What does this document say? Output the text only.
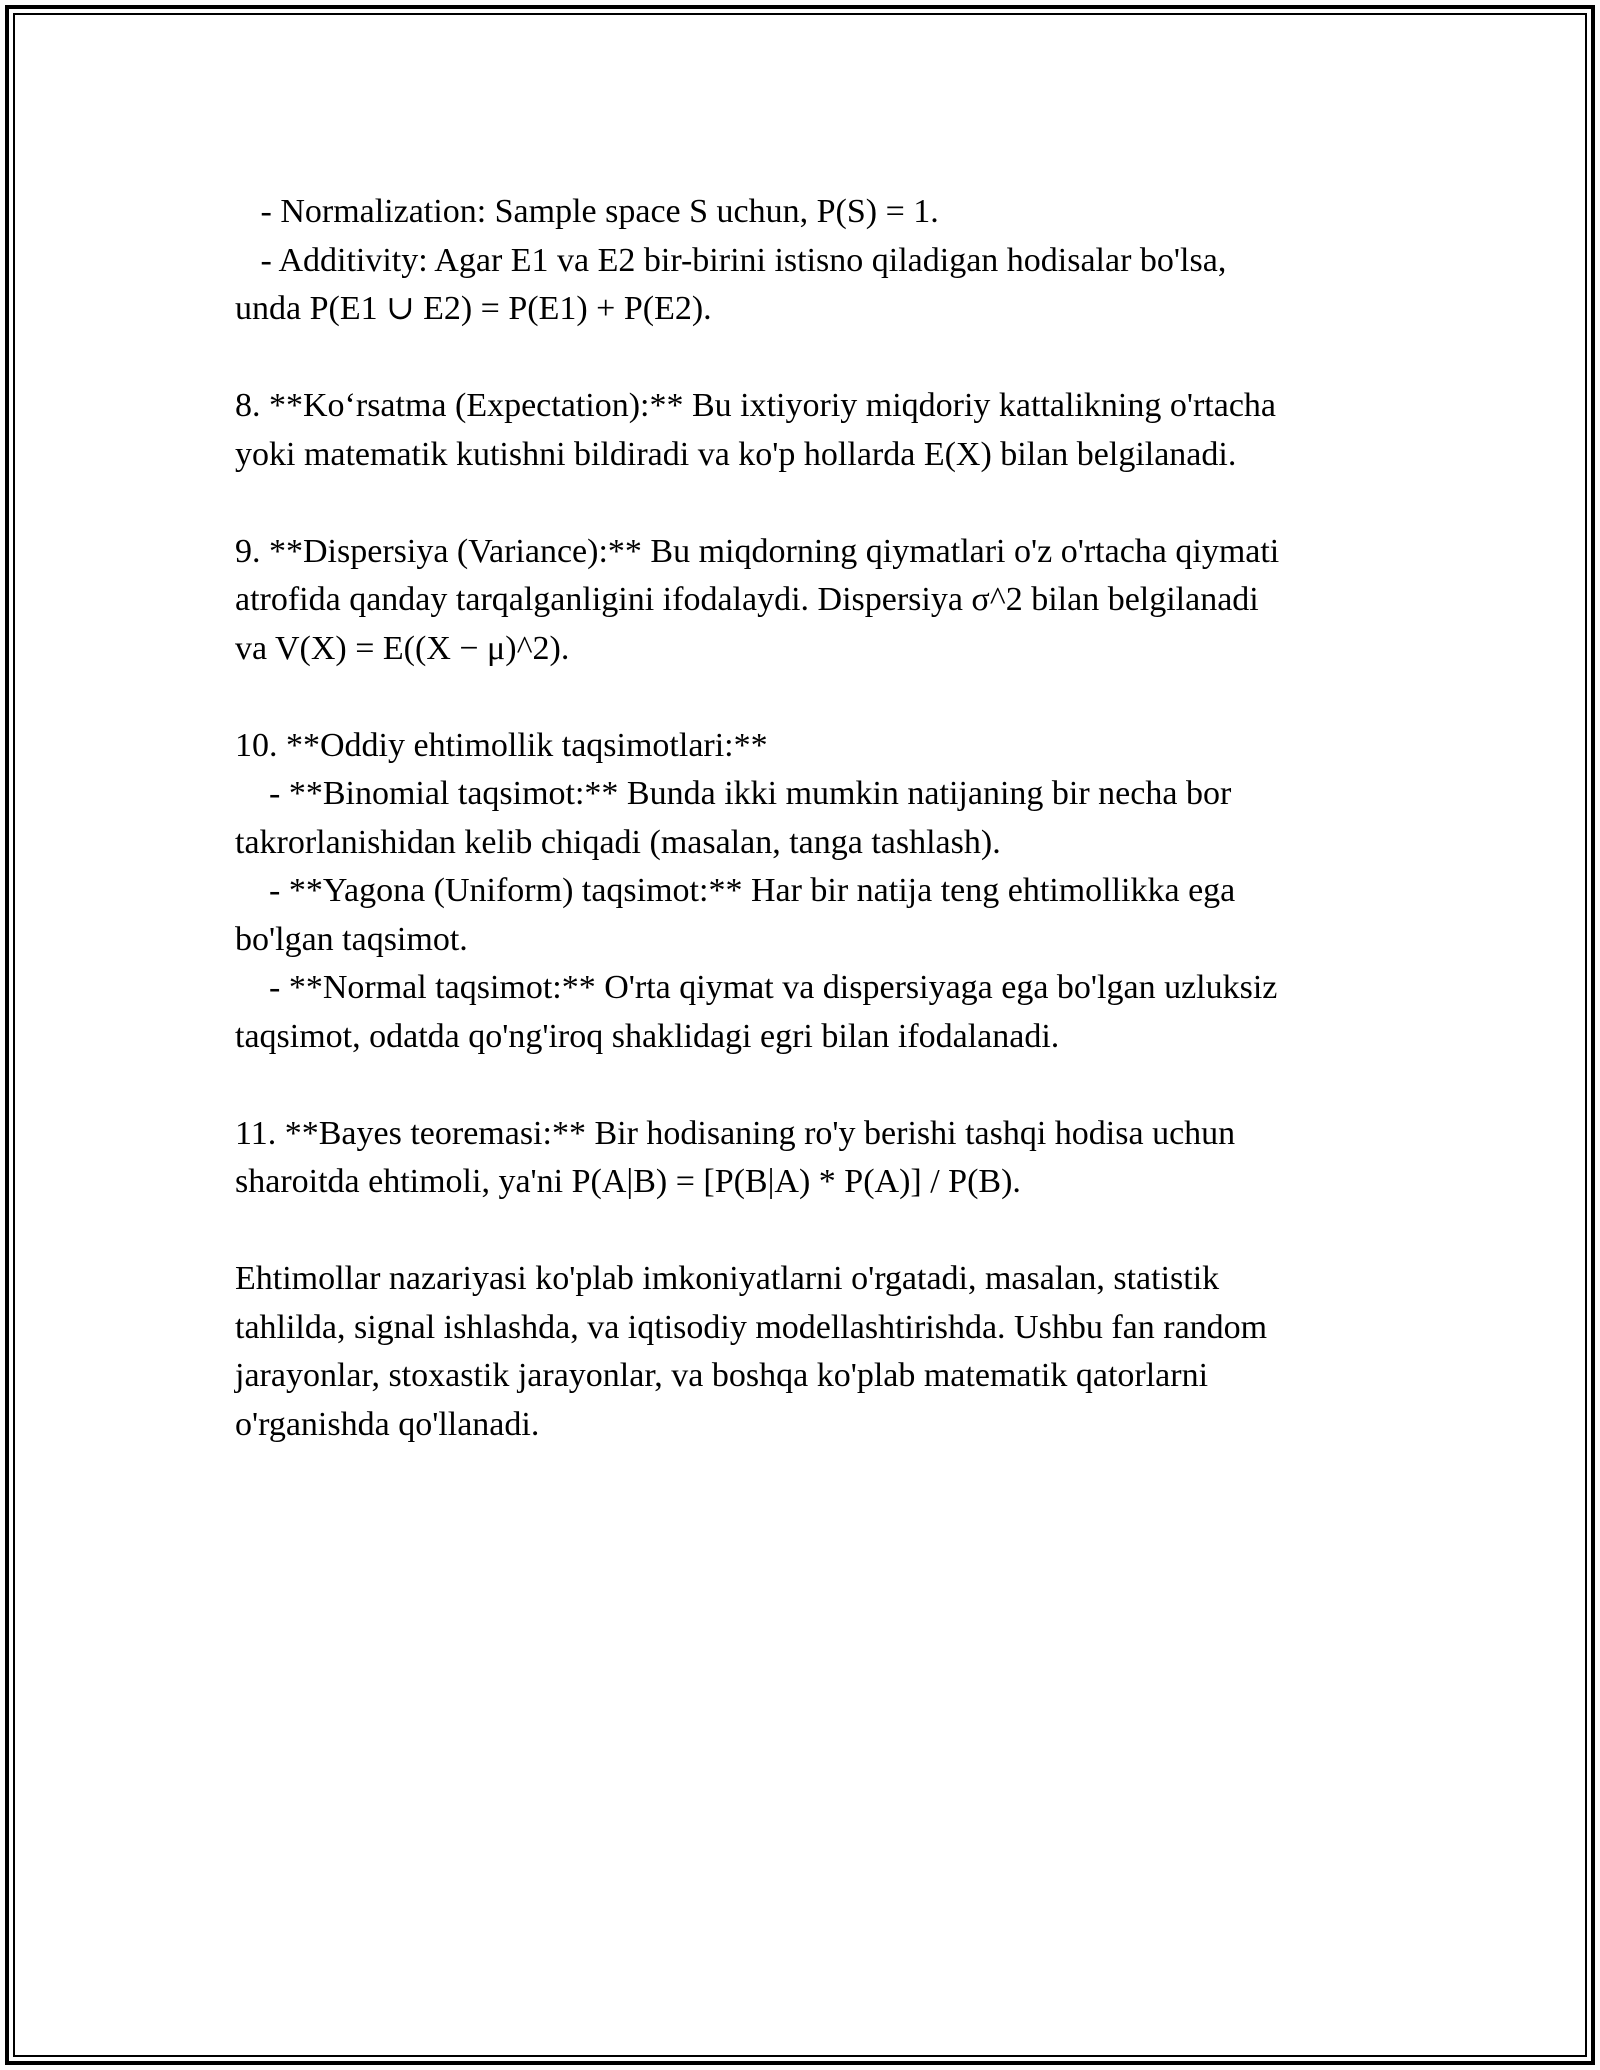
- Normalization: Sample space S uchun, P(S) = 1.
- Additivity: Agar E1 va E2 bir-birini istisno qiladigan hodisalar bo'lsa,
unda P(E1 ∪ E2) = P(E1) + P(E2).
8. **Ko‘rsatma (Expectation):** Bu ixtiyoriy miqdoriy kattalikning o'rtacha
yoki matematik kutishni bildiradi va ko'p hollarda E(X) bilan belgilanadi.
9. **Dispersiya (Variance):** Bu miqdorning qiymatlari o'z o'rtacha qiymati
atrofida qanday tarqalganligini ifodalaydi. Dispersiya σ^2 bilan belgilanadi
va V(X) = E((X − μ)^2).
10. **Oddiy ehtimollik taqsimotlari:**
- **Binomial taqsimot:** Bunda ikki mumkin natijaning bir necha bor
takrorlanishidan kelib chiqadi (masalan, tanga tashlash).
- **Yagona (Uniform) taqsimot:** Har bir natija teng ehtimollikka ega
bo'lgan taqsimot.
- **Normal taqsimot:** O'rta qiymat va dispersiyaga ega bo'lgan uzluksiz
taqsimot, odatda qo'ng'iroq shaklidagi egri bilan ifodalanadi.
11. **Bayes teoremasi:** Bir hodisaning ro'y berishi tashqi hodisa uchun
sharoitda ehtimoli, ya'ni P(A|B) = [P(B|A) * P(A)] / P(B).
Ehtimollar nazariyasi ko'plab imkoniyatlarni o'rgatadi, masalan, statistik
tahlilda, signal ishlashda, va iqtisodiy modellashtirishda. Ushbu fan random
jarayonlar, stoxastik jarayonlar, va boshqa ko'plab matematik qatorlarni
o'rganishda qo'llanadi.
